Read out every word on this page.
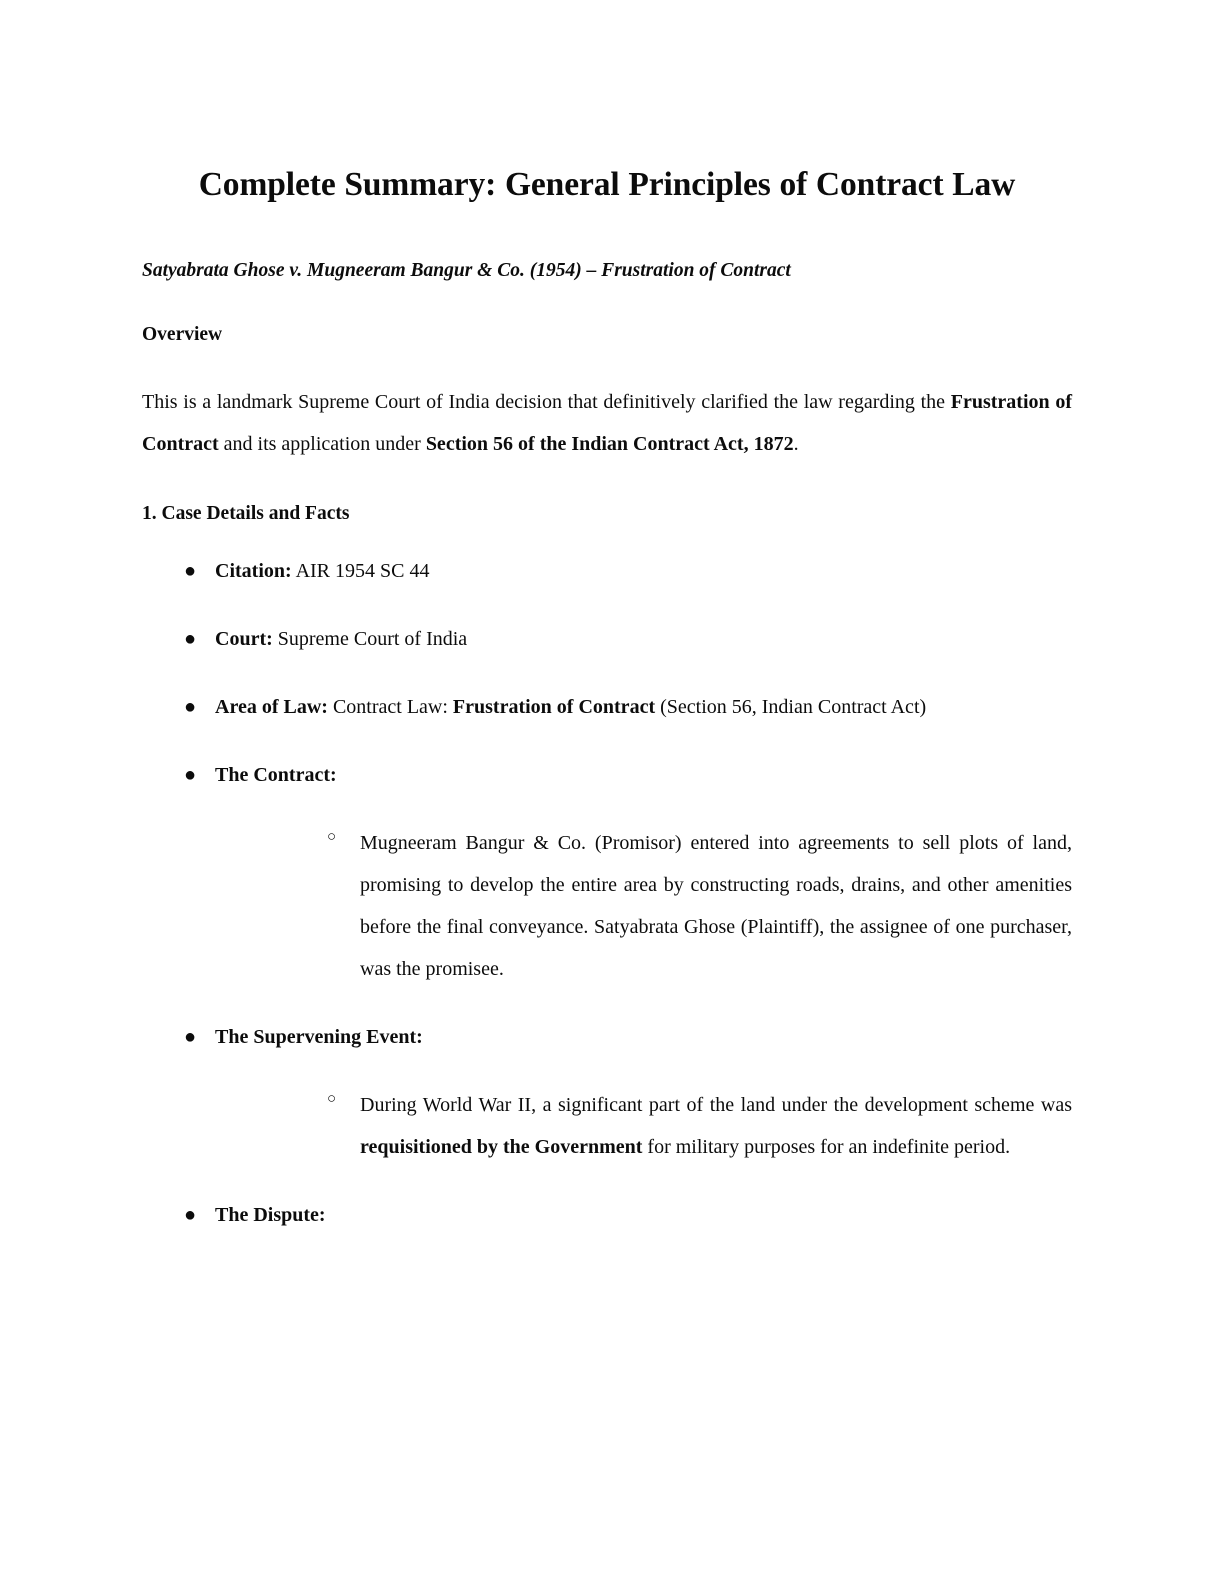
Complete Summary: General Principles of Contract Law

Satyabrata Ghose v. Mugneeram Bangur & Co. (1954) – Frustration of Contract

Overview

This is a landmark Supreme Court of India decision that definitively clarified the law regarding the Frustration of Contract and its application under Section 56 of the Indian Contract Act, 1872.

1. Case Details and Facts

● Citation: AIR 1954 SC 44
● Court: Supreme Court of India
● Area of Law: Contract Law: Frustration of Contract (Section 56, Indian Contract Act)
● The Contract:
○	Mugneeram Bangur & Co. (Promisor) entered into agreements to sell plots of land, promising to develop the entire area by constructing roads, drains, and other amenities before the final conveyance. Satyabrata Ghose (Plaintiff), the assignee of one purchaser, was the promisee.
● The Supervening Event:
○	During World War II, a significant part of the land under the development scheme was requisitioned by the Government for military purposes for an indefinite period.
● The Dispute:
